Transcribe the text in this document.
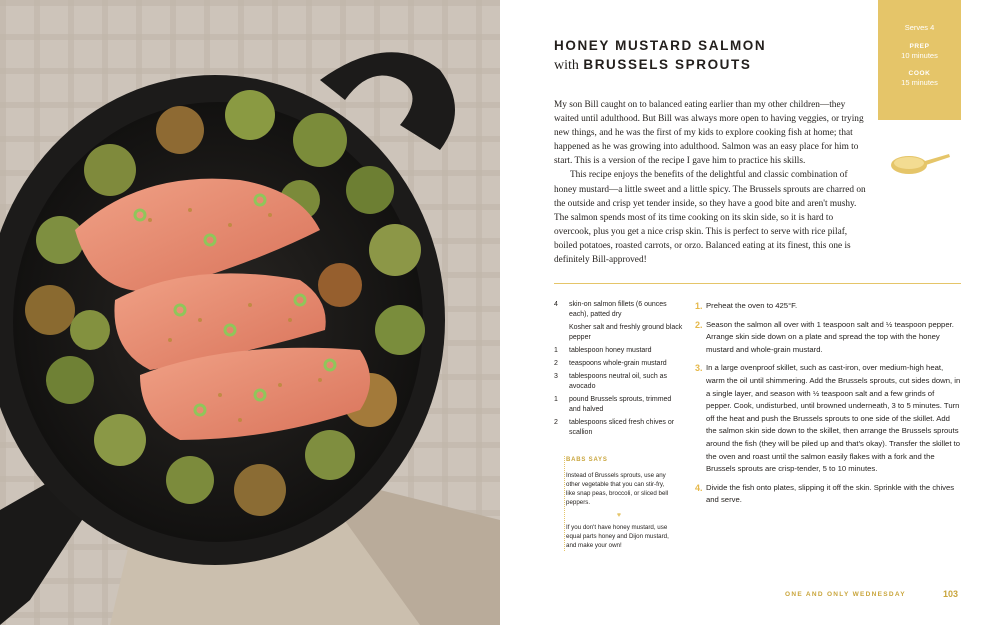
HONEY MUSTARD SALMON
with BRUSSELS SPROUTS
Serves 4
PREP
10 minutes
COOK
15 minutes

My son Bill caught on to balanced eating earlier than my other children—they waited until adulthood. But Bill was always more open to having veggies, or trying new things, and he was the first of my kids to explore cooking fish at home; that happened as he was growing into adulthood. Salmon was an easy place for him to start. This is a version of the recipe I gave him to practice his skills.

This recipe enjoys the benefits of the delightful and classic combination of honey mustard—a little sweet and a little spicy. The Brussels sprouts are charred on the outside and crisp yet tender inside, so they have a good bite and aren't mushy. The salmon spends most of its time cooking on its skin side, so it is hard to overcook, plus you get a nice crisp skin. This is perfect to serve with rice pilaf, boiled potatoes, roasted carrots, or orzo. Balanced eating at its finest, this one is definitely Bill-approved!

4	skin-on salmon fillets (6 ounces each), patted dry
Kosher salt and freshly ground black pepper
1	tablespoon honey mustard
2	teaspoons whole-grain mustard
3	tablespoons neutral oil, such as avocado
1	pound Brussels sprouts, trimmed and halved
2	tablespoons sliced fresh chives or scallion
BABS SAYS
Instead of Brussels sprouts, use any other vegetable that you can stir-fry, like snap peas, broccoli, or sliced bell peppers.
♥
If you don't have honey mustard, use equal parts honey and Dijon mustard, and make your own!
1. Preheat the oven to 425°F.
2. Season the salmon all over with 1 teaspoon salt and ½ teaspoon pepper. Arrange skin side down on a plate and spread the top with the honey mustard and whole-grain mustard.
3. In a large ovenproof skillet, such as cast-iron, over medium-high heat, warm the oil until shimmering. Add the Brussels sprouts, cut sides down, in a single layer, and season with ½ teaspoon salt and a few grinds of pepper. Cook, undisturbed, until browned underneath, 3 to 5 minutes. Turn off the heat and push the Brussels sprouts to one side of the skillet. Add the salmon skin side down to the skillet, then arrange the Brussels sprouts around the fish (they will be piled up and that's okay). Transfer the skillet to the oven and roast until the salmon easily flakes with a fork and the Brussels sprouts are crisp-tender, 5 to 10 minutes.
4. Divide the fish onto plates, slipping it off the skin. Sprinkle with the chives and serve.
ONE AND ONLY WEDNESDAY	103
